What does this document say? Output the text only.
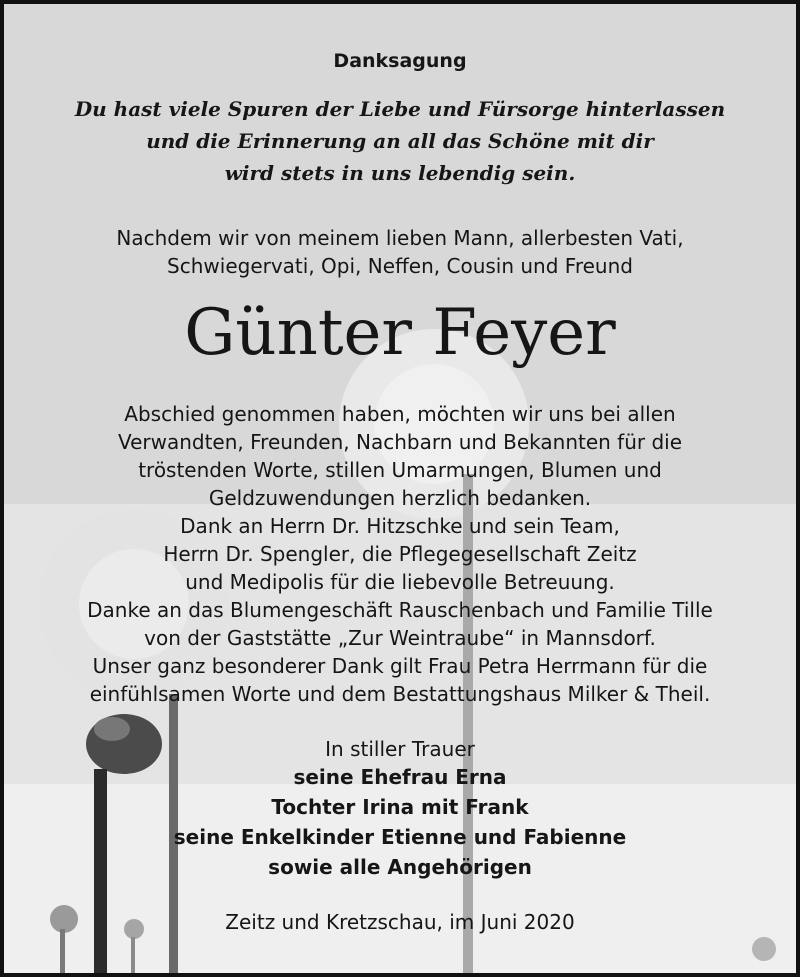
Danksagung
Du hast viele Spuren der Liebe und Fürsorge hinterlassen
und die Erinnerung an all das Schöne mit dir
wird stets in uns lebendig sein.
Nachdem wir von meinem lieben Mann, allerbesten Vati,
Schwiegervati, Opi, Neffen, Cousin und Freund
Günter Feyer
Abschied genommen haben, möchten wir uns bei allen
Verwandten, Freunden, Nachbarn und Bekannten für die
tröstenden Worte, stillen Umarmungen, Blumen und
Geldzuwendungen herzlich bedanken.
Dank an Herrn Dr. Hitzschke und sein Team,
Herrn Dr. Spengler, die Pflegegesellschaft Zeitz
und Medipolis für die liebevolle Betreuung.
Danke an das Blumengeschäft Rauschenbach und Familie Tille
von der Gaststätte „Zur Weintraube“ in Mannsdorf.
Unser ganz besonderer Dank gilt Frau Petra Herrmann für die
einfühlsamen Worte und dem Bestattungshaus Milker & Theil.
In stiller Trauer
seine Ehefrau Erna
Tochter Irina mit Frank
seine Enkelkinder Etienne und Fabienne
sowie alle Angehörigen
Zeitz und Kretzschau, im Juni 2020
